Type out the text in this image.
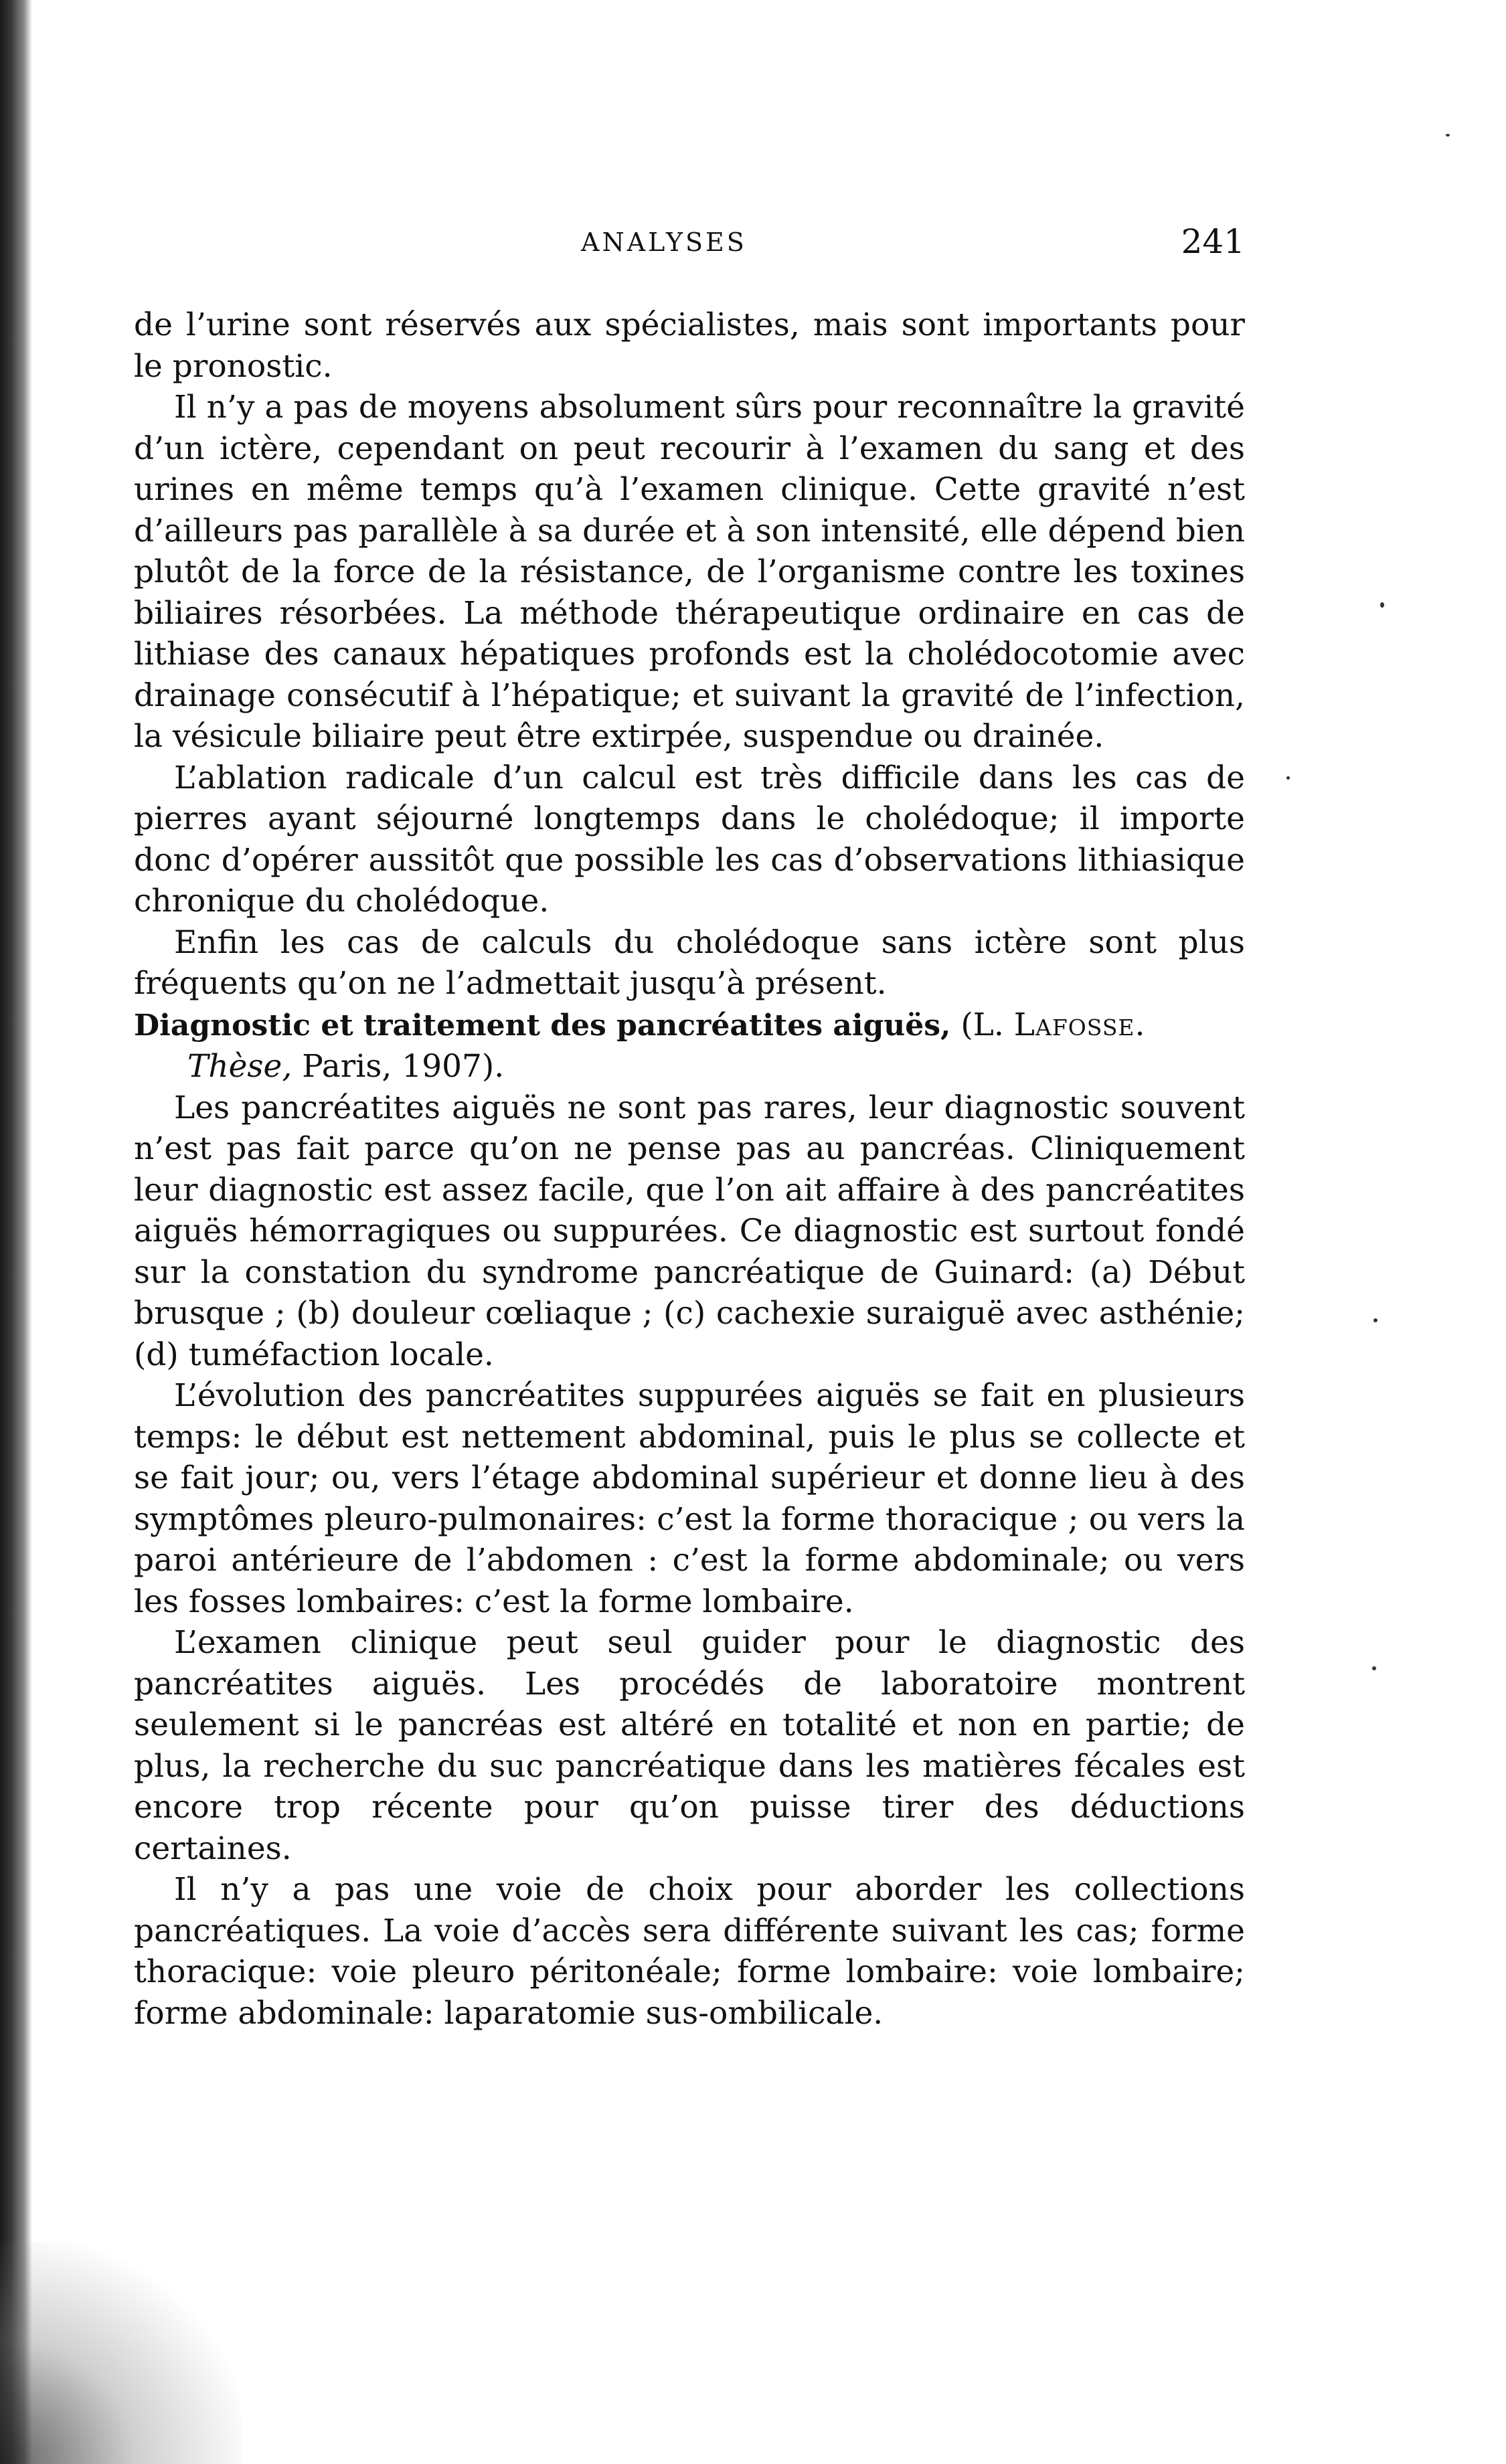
ANALYSES	241

de l’urine sont réservés aux spécialistes, mais sont importants pour le pronostic.

Il n’y a pas de moyens absolument sûrs pour reconnaître la gravité d’un ictère, cependant on peut recourir à l’examen du sang et des urines en même temps qu’à l’examen clinique. Cette gravité n’est d’ailleurs pas parallèle à sa durée et à son intensité, elle dépend bien plutôt de la force de la résistance, de l’organisme contre les toxines biliaires résorbées. La méthode thérapeutique ordinaire en cas de lithiase des canaux hépatiques profonds est la cholédocotomie avec drainage consécutif à l’hépatique; et suivant la gravité de l’infection, la vésicule biliaire peut être extirpée, suspendue ou drainée.

L’ablation radicale d’un calcul est très difficile dans les cas de pierres ayant séjourné longtemps dans le cholédoque; il importe donc d’opérer aussitôt que possible les cas d’observations lithiasique chronique du cholédoque.

Enfin les cas de calculs du cholédoque sans ictère sont plus fréquents qu’on ne l’admettait jusqu’à présent.

Diagnostic et traitement des pancréatites aiguës, (L. Lafosse.
Thèse, Paris, 1907).

Les pancréatites aiguës ne sont pas rares, leur diagnostic souvent n’est pas fait parce qu’on ne pense pas au pancréas. Cliniquement leur diagnostic est assez facile, que l’on ait affaire à des pancréatites aiguës hémorragiques ou suppurées. Ce diagnostic est surtout fondé sur la constation du syndrome pancréatique de Guinard: (a) Début brusque ; (b) douleur cœliaque ; (c) cachexie suraiguë avec asthénie; (d) tuméfaction locale.

L’évolution des pancréatites suppurées aiguës se fait en plusieurs temps: le début est nettement abdominal, puis le plus se collecte et se fait jour; ou, vers l’étage abdominal supérieur et donne lieu à des symptômes pleuro-pulmonaires: c’est la forme thoracique ; ou vers la paroi antérieure de l’abdomen : c’est la forme abdominale; ou vers les fosses lombaires: c’est la forme lombaire.

L’examen clinique peut seul guider pour le diagnostic des pancréatites aiguës. Les procédés de laboratoire montrent seulement si le pancréas est altéré en totalité et non en partie; de plus, la recherche du suc pancréatique dans les matières fécales est encore trop récente pour qu’on puisse tirer des déductions certaines.

Il n’y a pas une voie de choix pour aborder les collections pancréatiques. La voie d’accès sera différente suivant les cas; forme thoracique: voie pleuro péritonéale; forme lombaire: voie lombaire; forme abdominale: laparatomie sus-ombilicale.
